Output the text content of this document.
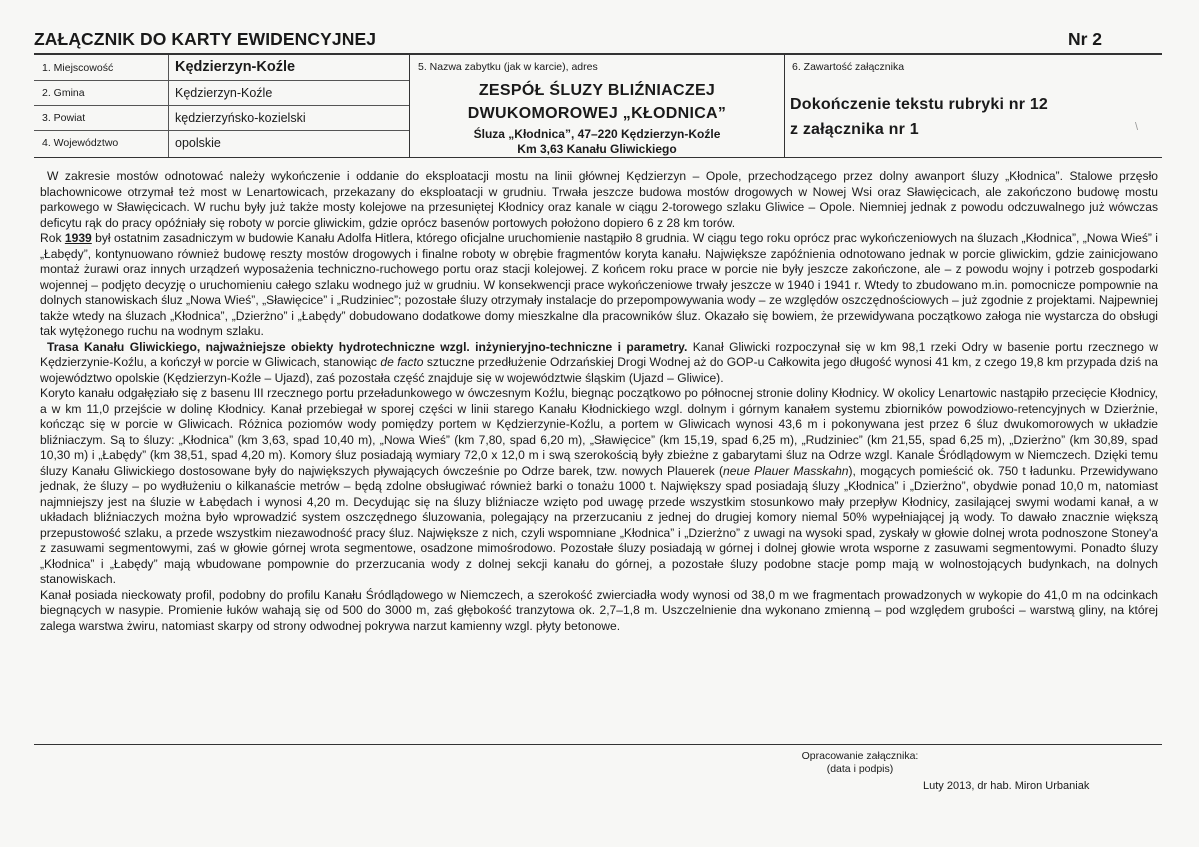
ZAŁĄCZNIK DO KARTY EWIDENCYJNEJ	Nr 2
1. Miejscowość	Kędzierzyn-Koźle
2. Gmina	Kędzierzyn-Koźle
3. Powiat	kędzierzyńsko-kozielski
4. Województwo	opolskie
5. Nazwa zabytku (jak w karcie), adres
ZESPÓŁ ŚLUZY BLIŹNIACZEJ
DWUKOMOROWEJ „KŁODNICA”
Śluza „Kłodnica”, 47–220 Kędzierzyn-Koźle
Km 3,63 Kanału Gliwickiego
6. Zawartość załącznika
Dokończenie tekstu rubryki nr 12
z załącznika nr 1	\

W zakresie mostów odnotować należy wykończenie i oddanie do eksploatacji mostu na linii głównej Kędzierzyn – Opole, przechodzącego przez dolny awanport śluzy „Kłodnica”. Stalowe przęsło blachownicowe otrzymał też most w Lenartowicach, przekazany do eksploatacji w grudniu. Trwała jeszcze budowa mostów drogowych w Nowej Wsi oraz Sławięcicach, ale zakończono budowę mostu parkowego w Sławięcicach. W ruchu były już także mosty kolejowe na przesuniętej Kłodnicy oraz kanale w ciągu 2-torowego szlaku Gliwice – Opole. Niemniej jednak z powodu odczuwalnego już wówczas deficytu rąk do pracy opóźniały się roboty w porcie gliwickim, gdzie oprócz basenów portowych położono dopiero 6 z 28 km torów.

Rok 1939 był ostatnim zasadniczym w budowie Kanału Adolfa Hitlera, którego oficjalne uruchomienie nastąpiło 8 grudnia. W ciągu tego roku oprócz prac wykończeniowych na śluzach „Kłodnica”, „Nowa Wieś” i „Łabędy”, kontynuowano również budowę reszty mostów drogowych i finalne roboty w obrębie fragmentów koryta kanału. Największe zapóźnienia odnotowano jednak w porcie gliwickim, gdzie zainicjowano montaż żurawi oraz innych urządzeń wyposażenia techniczno-ruchowego portu oraz stacji kolejowej. Z końcem roku prace w porcie nie były jeszcze zakończone, ale – z powodu wojny i potrzeb gospodarki wojennej – podjęto decyzję o uruchomieniu całego szlaku wodnego już w grudniu. W konsekwencji prace wykończeniowe trwały jeszcze w 1940 i 1941 r. Wtedy to zbudowano m.in. pomocnicze pompownie na dolnych stanowiskach śluz „Nowa Wieś”, „Sławięcice” i „Rudziniec”; pozostałe śluzy otrzymały instalacje do przepompowywania wody – ze względów oszczędnościowych – już zgodnie z projektami. Najpewniej także wtedy na śluzach „Kłodnica”, „Dzierżno” i „Łabędy” dobudowano dodatkowe domy mieszkalne dla pracowników śluz. Okazało się bowiem, że przewidywana początkowo załoga nie wystarcza do obsługi tak wytężonego ruchu na wodnym szlaku.

Trasa Kanału Gliwickiego, najważniejsze obiekty hydrotechniczne wzgl. inżynieryjno-techniczne i parametry. Kanał Gliwicki rozpoczynał się w km 98,1 rzeki Odry w basenie portu rzecznego w Kędzierzynie-Koźlu, a kończył w porcie w Gliwicach, stanowiąc de facto sztuczne przedłużenie Odrzańskiej Drogi Wodnej aż do GOP-u Całkowita jego długość wynosi 41 km, z czego 19,8 km przypada dziś na województwo opolskie (Kędzierzyn-Koźle – Ujazd), zaś pozostała część znajduje się w województwie śląskim (Ujazd – Gliwice).

Koryto kanału odgałęziało się z basenu III rzecznego portu przeładunkowego w ówczesnym Koźlu, biegnąc początkowo po północnej stronie doliny Kłodnicy. W okolicy Lenartowic nastąpiło przecięcie Kłodnicy, a w km 11,0 przejście w dolinę Kłodnicy. Kanał przebiegał w sporej części w linii starego Kanału Kłodnickiego wzgl. dolnym i górnym kanałem systemu zbiorników powodziowo-retencyjnych w Dzierżnie, kończąc się w porcie w Gliwicach. Różnica poziomów wody pomiędzy portem w Kędzierzynie-Koźlu, a portem w Gliwicach wynosi 43,6 m i pokonywana jest przez 6 śluz dwukomorowych w układzie bliźniaczym. Są to śluzy: „Kłodnica” (km 3,63, spad 10,40 m), „Nowa Wieś” (km 7,80, spad 6,20 m), „Sławięcice” (km 15,19, spad 6,25 m), „Rudziniec” (km 21,55, spad 6,25 m), „Dzierżno” (km 30,89, spad 10,30 m) i „Łabędy” (km 38,51, spad 4,20 m). Komory śluz posiadają wymiary 72,0 x 12,0 m i swą szerokością były zbieżne z gabarytami śluz na Odrze wzgl. Kanale Śródlądowym w Niemczech. Dzięki temu śluzy Kanału Gliwickiego dostosowane były do największych pływających ówcześnie po Odrze barek, tzw. nowych Plauerek (neue Plauer Masskahn), mogących pomieścić ok. 750 t ładunku. Przewidywano jednak, że śluzy – po wydłużeniu o kilkanaście metrów – będą zdolne obsługiwać również barki o tonażu 1000 t. Największy spad posiadają śluzy „Kłodnica” i „Dzierżno”, obydwie ponad 10,0 m, natomiast najmniejszy jest na śluzie w Łabędach i wynosi 4,20 m. Decydując się na śluzy bliźniacze wzięto pod uwagę przede wszystkim stosunkowo mały przepływ Kłodnicy, zasilającej swymi wodami kanał, a w układach bliźniaczych można było wprowadzić system oszczędnego śluzowania, polegający na przerzucaniu z jednej do drugiej komory niemal 50% wypełniającej ją wody. To dawało znacznie większą przepustowość szlaku, a przede wszystkim niezawodność pracy śluz. Największe z nich, czyli wspomniane „Kłodnica” i „Dzierżno” z uwagi na wysoki spad, zyskały w głowie dolnej wrota podnoszone Stoney'a z zasuwami segmentowymi, zaś w głowie górnej wrota segmentowe, osadzone mimośrodowo. Pozostałe śluzy posiadają w górnej i dolnej głowie wrota wsporne z zasuwami segmentowymi. Ponadto śluzy „Kłodnica” i „Łabędy” mają wbudowane pompownie do przerzucania wody z dolnej sekcji kanału do górnej, a pozostałe śluzy podobne stacje pomp mają w wolnostojących budynkach, na dolnych stanowiskach.

Kanał posiada nieckowaty profil, podobny do profilu Kanału Śródlądowego w Niemczech, a szerokość zwierciadła wody wynosi od 38,0 m we fragmentach prowadzonych w wykopie do 41,0 m na odcinkach biegnących w nasypie. Promienie łuków wahają się od 500 do 3000 m, zaś głębokość tranzytowa ok. 2,7–1,8 m. Uszczelnienie dna wykonano zmienną – pod względem grubości – warstwą gliny, na której zalega warstwa żwiru, natomiast skarpy od strony odwodnej pokrywa narzut kamienny wzgl. płyty betonowe.

Opracowanie załącznika:
(data i podpis)
Luty 2013, dr hab. Miron Urbaniak
